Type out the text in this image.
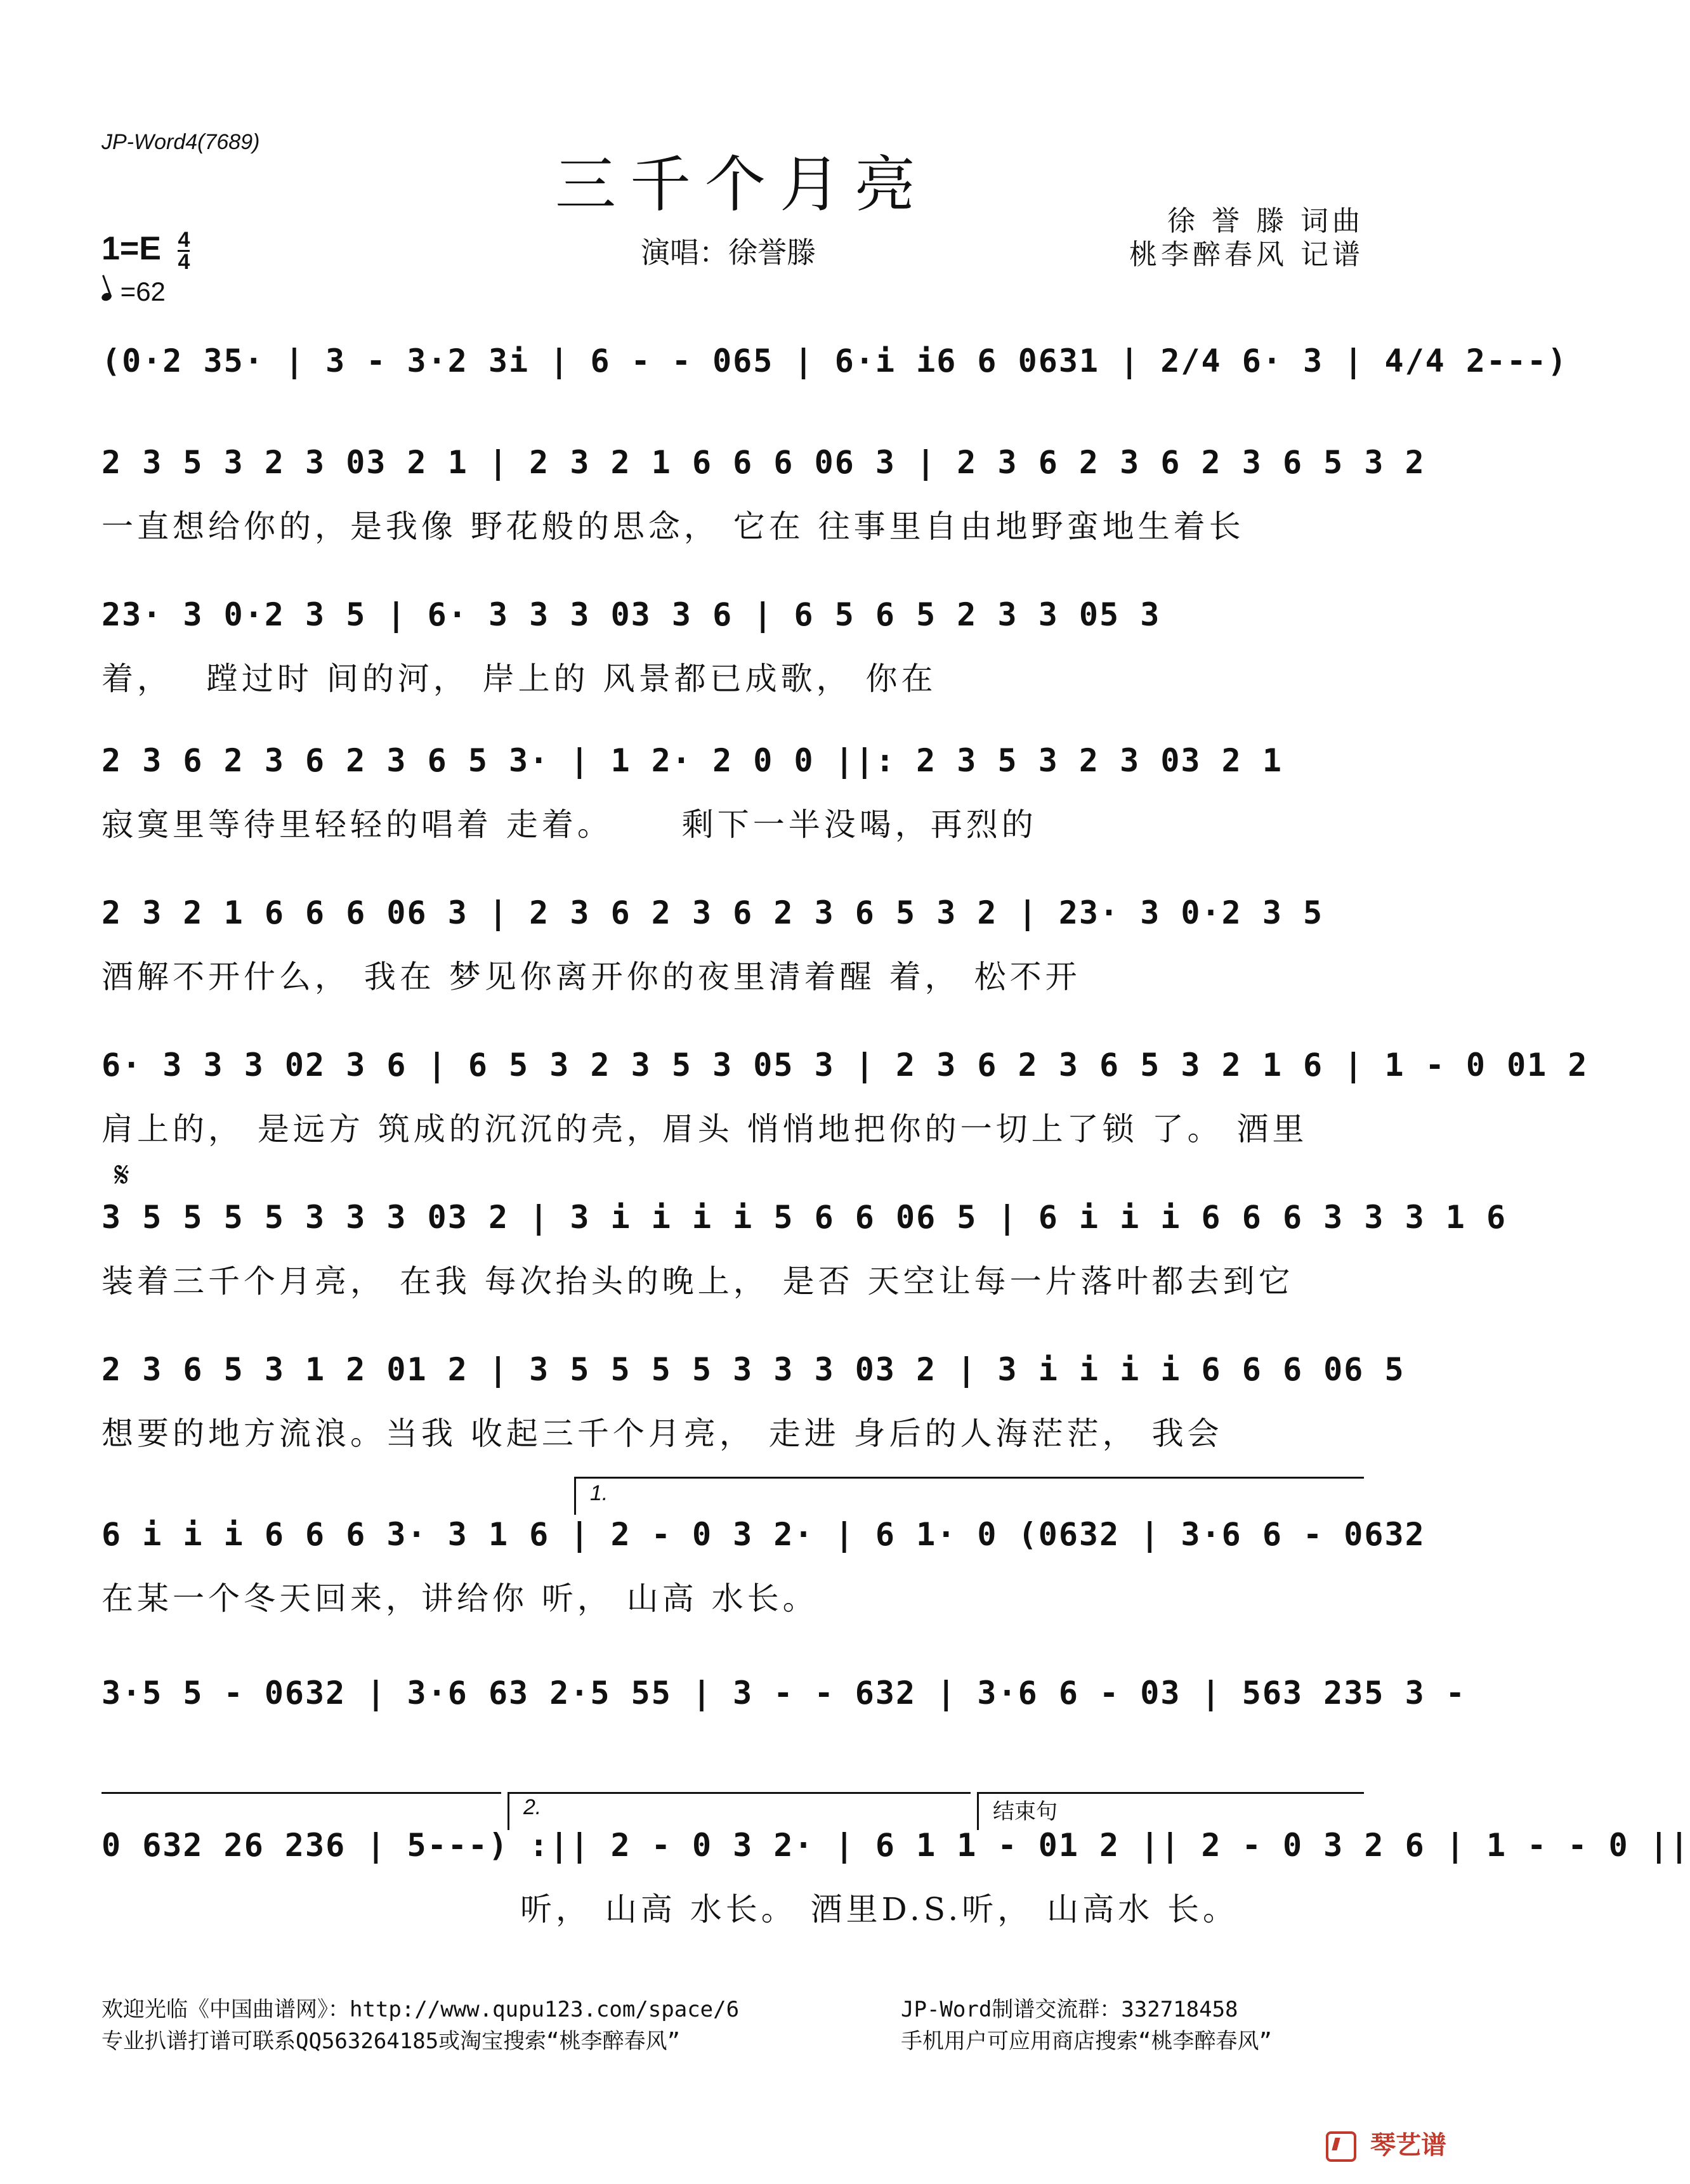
JP-Word4(7689)
三千个月亮
徐 誉 滕 词曲
桃李醉春风 记谱
演唱：徐誉滕
$1=E \frac{4}{4}$
=62
(0·2 35· | 3 - 3·2 3i | 6 - - 065 | 6·i i6 6 0631 | 2/4 6· 3 | 4/4 2---)
2 3 5 3 2 3 03 2 1 | 2 3 2 1 6 6 6 06 3 | 2 3 6 2 3 6 2 3 6 5 3 2
一直想给你的，是我像 野花般的思念， 它在 往事里自由地野蛮地生着长
23· 3 0·2 3 5 | 6· 3 3 3 03 3 6 | 6 5 6 5 2 3 3 05 3
着，　 蹚过时 间的河， 岸上的 风景都已成歌， 你在
2 3 6 2 3 6 2 3 6 5 3· | 1 2· 2 0 0 ||: 2 3 5 3 2 3 03 2 1
寂寞里等待里轻轻的唱着 走着。　　 剩下一半没喝，再烈的
2 3 2 1 6 6 6 06 3 | 2 3 6 2 3 6 2 3 6 5 3 2 | 23· 3 0·2 3 5
酒解不开什么， 我在 梦见你离开你的夜里清着醒 着， 松不开
6· 3 3 3 02 3 6 | 6 5 3 2 3 5 3 05 3 | 2 3 6 2 3 6 5 3 2 1 6 | 1 - 0 01 2
肩上的， 是远方 筑成的沉沉的壳，眉头 悄悄地把你的一切上了锁 了。 酒里
𝄋
3 5 5 5 5 3 3 3 03 2 | 3 i i i i 5 6 6 06 5 | 6 i i i 6 6 6 3 3 3 1 6
装着三千个月亮， 在我 每次抬头的晚上， 是否 天空让每一片落叶都去到它
2 3 6 5 3 1 2 01 2 | 3 5 5 5 5 3 3 3 03 2 | 3 i i i i 6 6 6 06 5
想要的地方流浪。当我 收起三千个月亮， 走进 身后的人海茫茫， 我会
1.
6 i i i 6 6 6 3· 3 1 6 | 2 - 0 3 2· | 6 1· 0 (0632 | 3·6 6 - 0632
在某一个冬天回来，讲给你 听， 山高 水长。
3·5 5 - 0632 | 3·6 63 2·5 55 | 3 - - 632 | 3·6 6 - 03 | 563 235 3 -
2.	结束句
0 632 26 236 | 5---) :|| 2 - 0 3 2· | 6 1 1 - 01 2 || 2 - 0 3 2 6 | 1 - - 0 ||
听， 山高 水长。 酒里D.S.听， 山高水 长。
欢迎光临《中国曲谱网》：http://www.qupu123.com/space/6	JP-Word制谱交流群：332718458
专业扒谱打谱可联系QQ563264185或淘宝搜索“桃李醉春风”	手机用户可应用商店搜索“桃李醉春风”
琴艺谱
